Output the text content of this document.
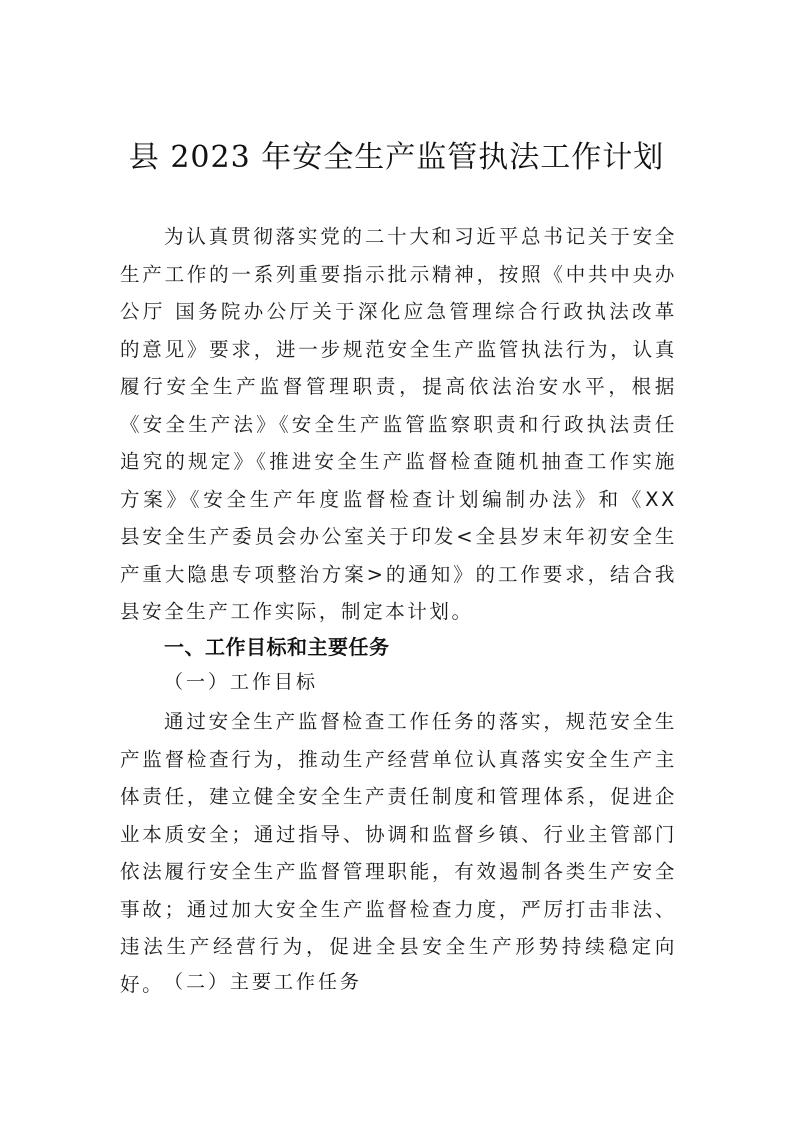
县 2023 年安全生产监管执法工作计划

为认真贯彻落实党的二十大和习近平总书记关于安全生产工作的一系列重要指示批示精神，按照《中共中央办公厅 国务院办公厅关于深化应急管理综合行政执法改革的意见》要求，进一步规范安全生产监管执法行为，认真履行安全生产监督管理职责，提高依法治安水平，根据《安全生产法》《安全生产监管监察职责和行政执法责任追究的规定》《推进安全生产监督检查随机抽查工作实施方案》《安全生产年度监督检查计划编制办法》和《XX 县安全生产委员会办公室关于印发<全县岁末年初安全生产重大隐患专项整治方案>的通知》的工作要求，结合我县安全生产工作实际，制定本计划。

一、工作目标和主要任务
（一）工作目标

通过安全生产监督检查工作任务的落实，规范安全生产监督检查行为，推动生产经营单位认真落实安全生产主体责任，建立健全安全生产责任制度和管理体系，促进企业本质安全；通过指导、协调和监督乡镇、行业主管部门依法履行安全生产监督管理职能，有效遏制各类生产安全事故；通过加大安全生产监督检查力度，严厉打击非法、违法生产经营行为，促进全县安全生产形势持续稳定向好。 （二）主要工作任务
